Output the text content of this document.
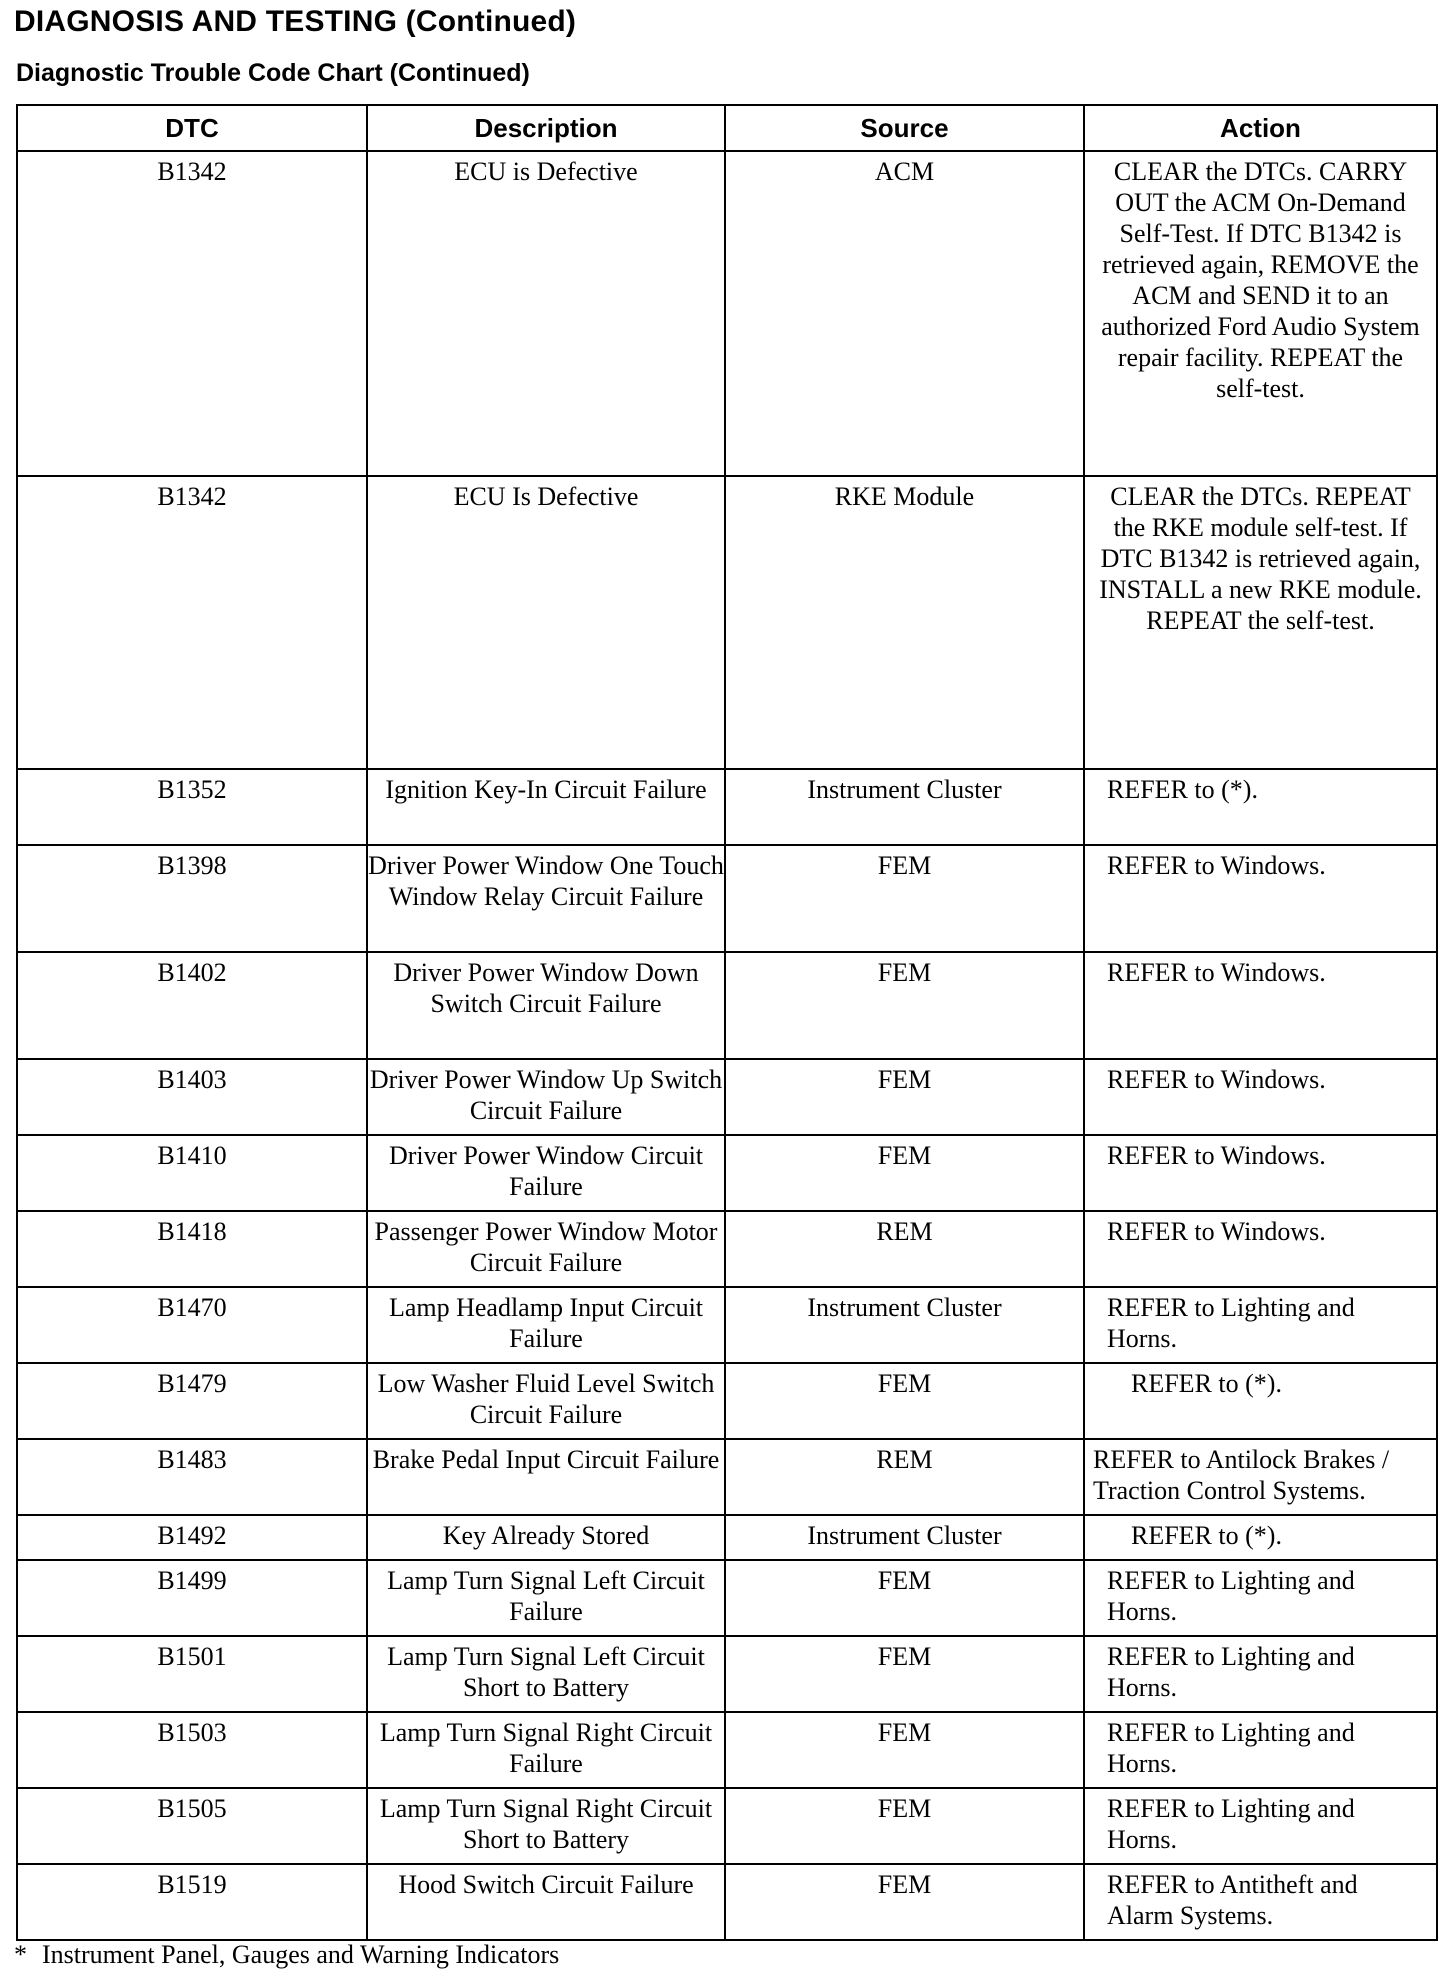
DIAGNOSIS AND TESTING (Continued)
Diagnostic Trouble Code Chart (Continued)
DTC	Description	Source	Action
B1342	ECU is Defective	ACM	CLEAR the DTCs. CARRY OUT the ACM On-Demand Self-Test. If DTC B1342 is retrieved again, REMOVE the ACM and SEND it to an authorized Ford Audio System repair facility. REPEAT the self-test.
B1342	ECU Is Defective	RKE Module	CLEAR the DTCs. REPEAT the RKE module self-test. If DTC B1342 is retrieved again, INSTALL a new RKE module. REPEAT the self-test.
B1352	Ignition Key-In Circuit Failure	Instrument Cluster	REFER to (*).
B1398	Driver Power Window One Touch Window Relay Circuit Failure	FEM	REFER to Windows.
B1402	Driver Power Window Down Switch Circuit Failure	FEM	REFER to Windows.
B1403	Driver Power Window Up Switch Circuit Failure	FEM	REFER to Windows.
B1410	Driver Power Window Circuit Failure	FEM	REFER to Windows.
B1418	Passenger Power Window Motor Circuit Failure	REM	REFER to Windows.
B1470	Lamp Headlamp Input Circuit Failure	Instrument Cluster	REFER to Lighting and Horns.
B1479	Low Washer Fluid Level Switch Circuit Failure	FEM	REFER to (*).
B1483	Brake Pedal Input Circuit Failure	REM	REFER to Antilock Brakes / Traction Control Systems.
B1492	Key Already Stored	Instrument Cluster	REFER to (*).
B1499	Lamp Turn Signal Left Circuit Failure	FEM	REFER to Lighting and Horns.
B1501	Lamp Turn Signal Left Circuit Short to Battery	FEM	REFER to Lighting and Horns.
B1503	Lamp Turn Signal Right Circuit Failure	FEM	REFER to Lighting and Horns.
B1505	Lamp Turn Signal Right Circuit Short to Battery	FEM	REFER to Lighting and Horns.
B1519	Hood Switch Circuit Failure	FEM	REFER to Antitheft and Alarm Systems.

* Instrument Panel, Gauges and Warning Indicators
